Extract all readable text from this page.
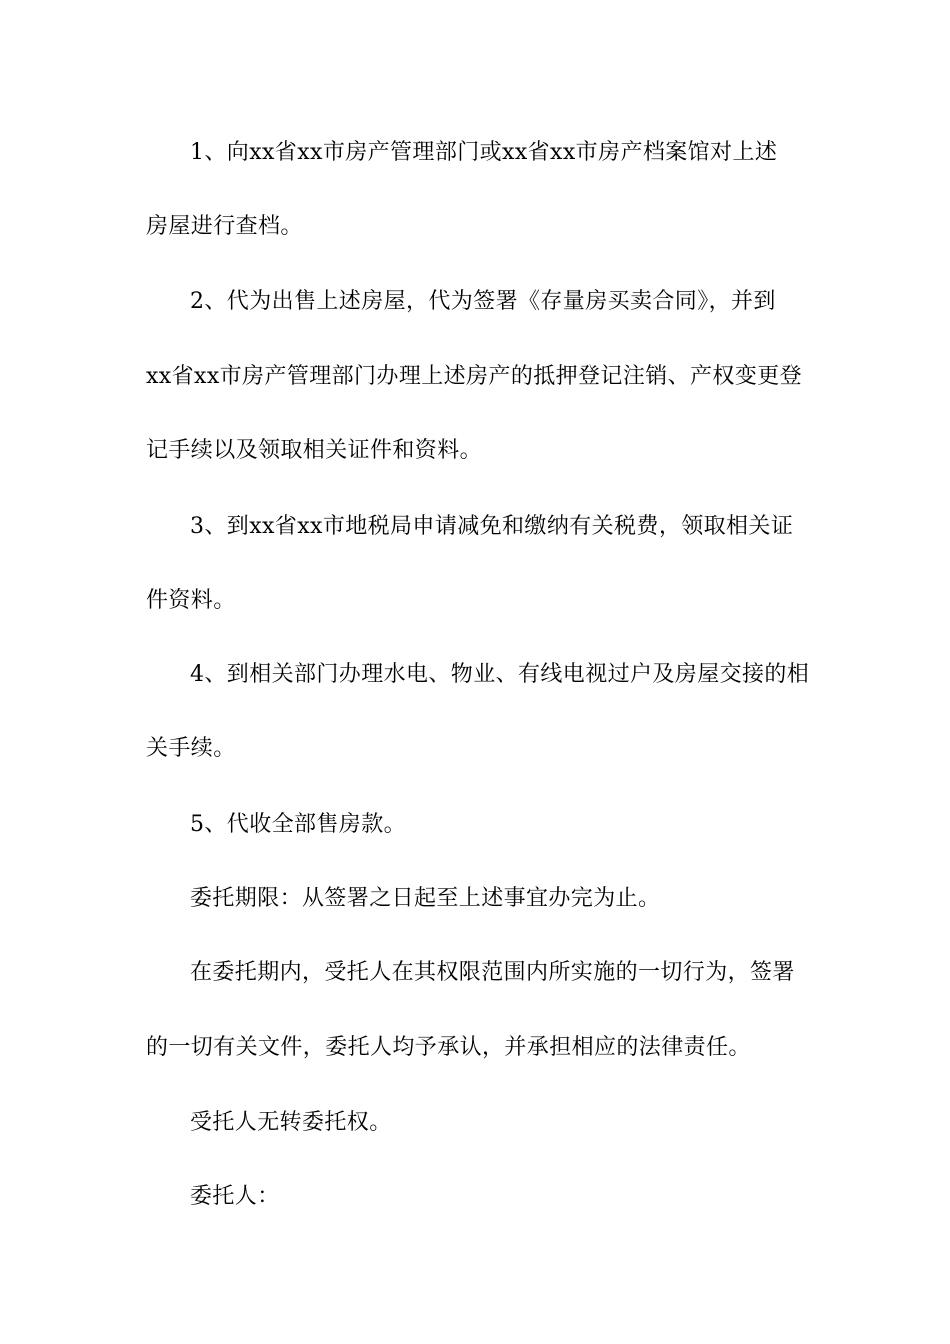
1、向xx省xx市房产管理部门或xx省xx市房产档案馆对上述
房屋进行查档。
2、代为出售上述房屋，代为签署《存量房买卖合同》，并到
xx省xx市房产管理部门办理上述房产的抵押登记注销、产权变更登
记手续以及领取相关证件和资料。
3、到xx省xx市地税局申请减免和缴纳有关税费，领取相关证
件资料。
4、到相关部门办理水电、物业、有线电视过户及房屋交接的相
关手续。
5、代收全部售房款。
委托期限：从签署之日起至上述事宜办完为止。
在委托期内，受托人在其权限范围内所实施的一切行为，签署
的一切有关文件，委托人均予承认，并承担相应的法律责任。
受托人无转委托权。
委托人：
